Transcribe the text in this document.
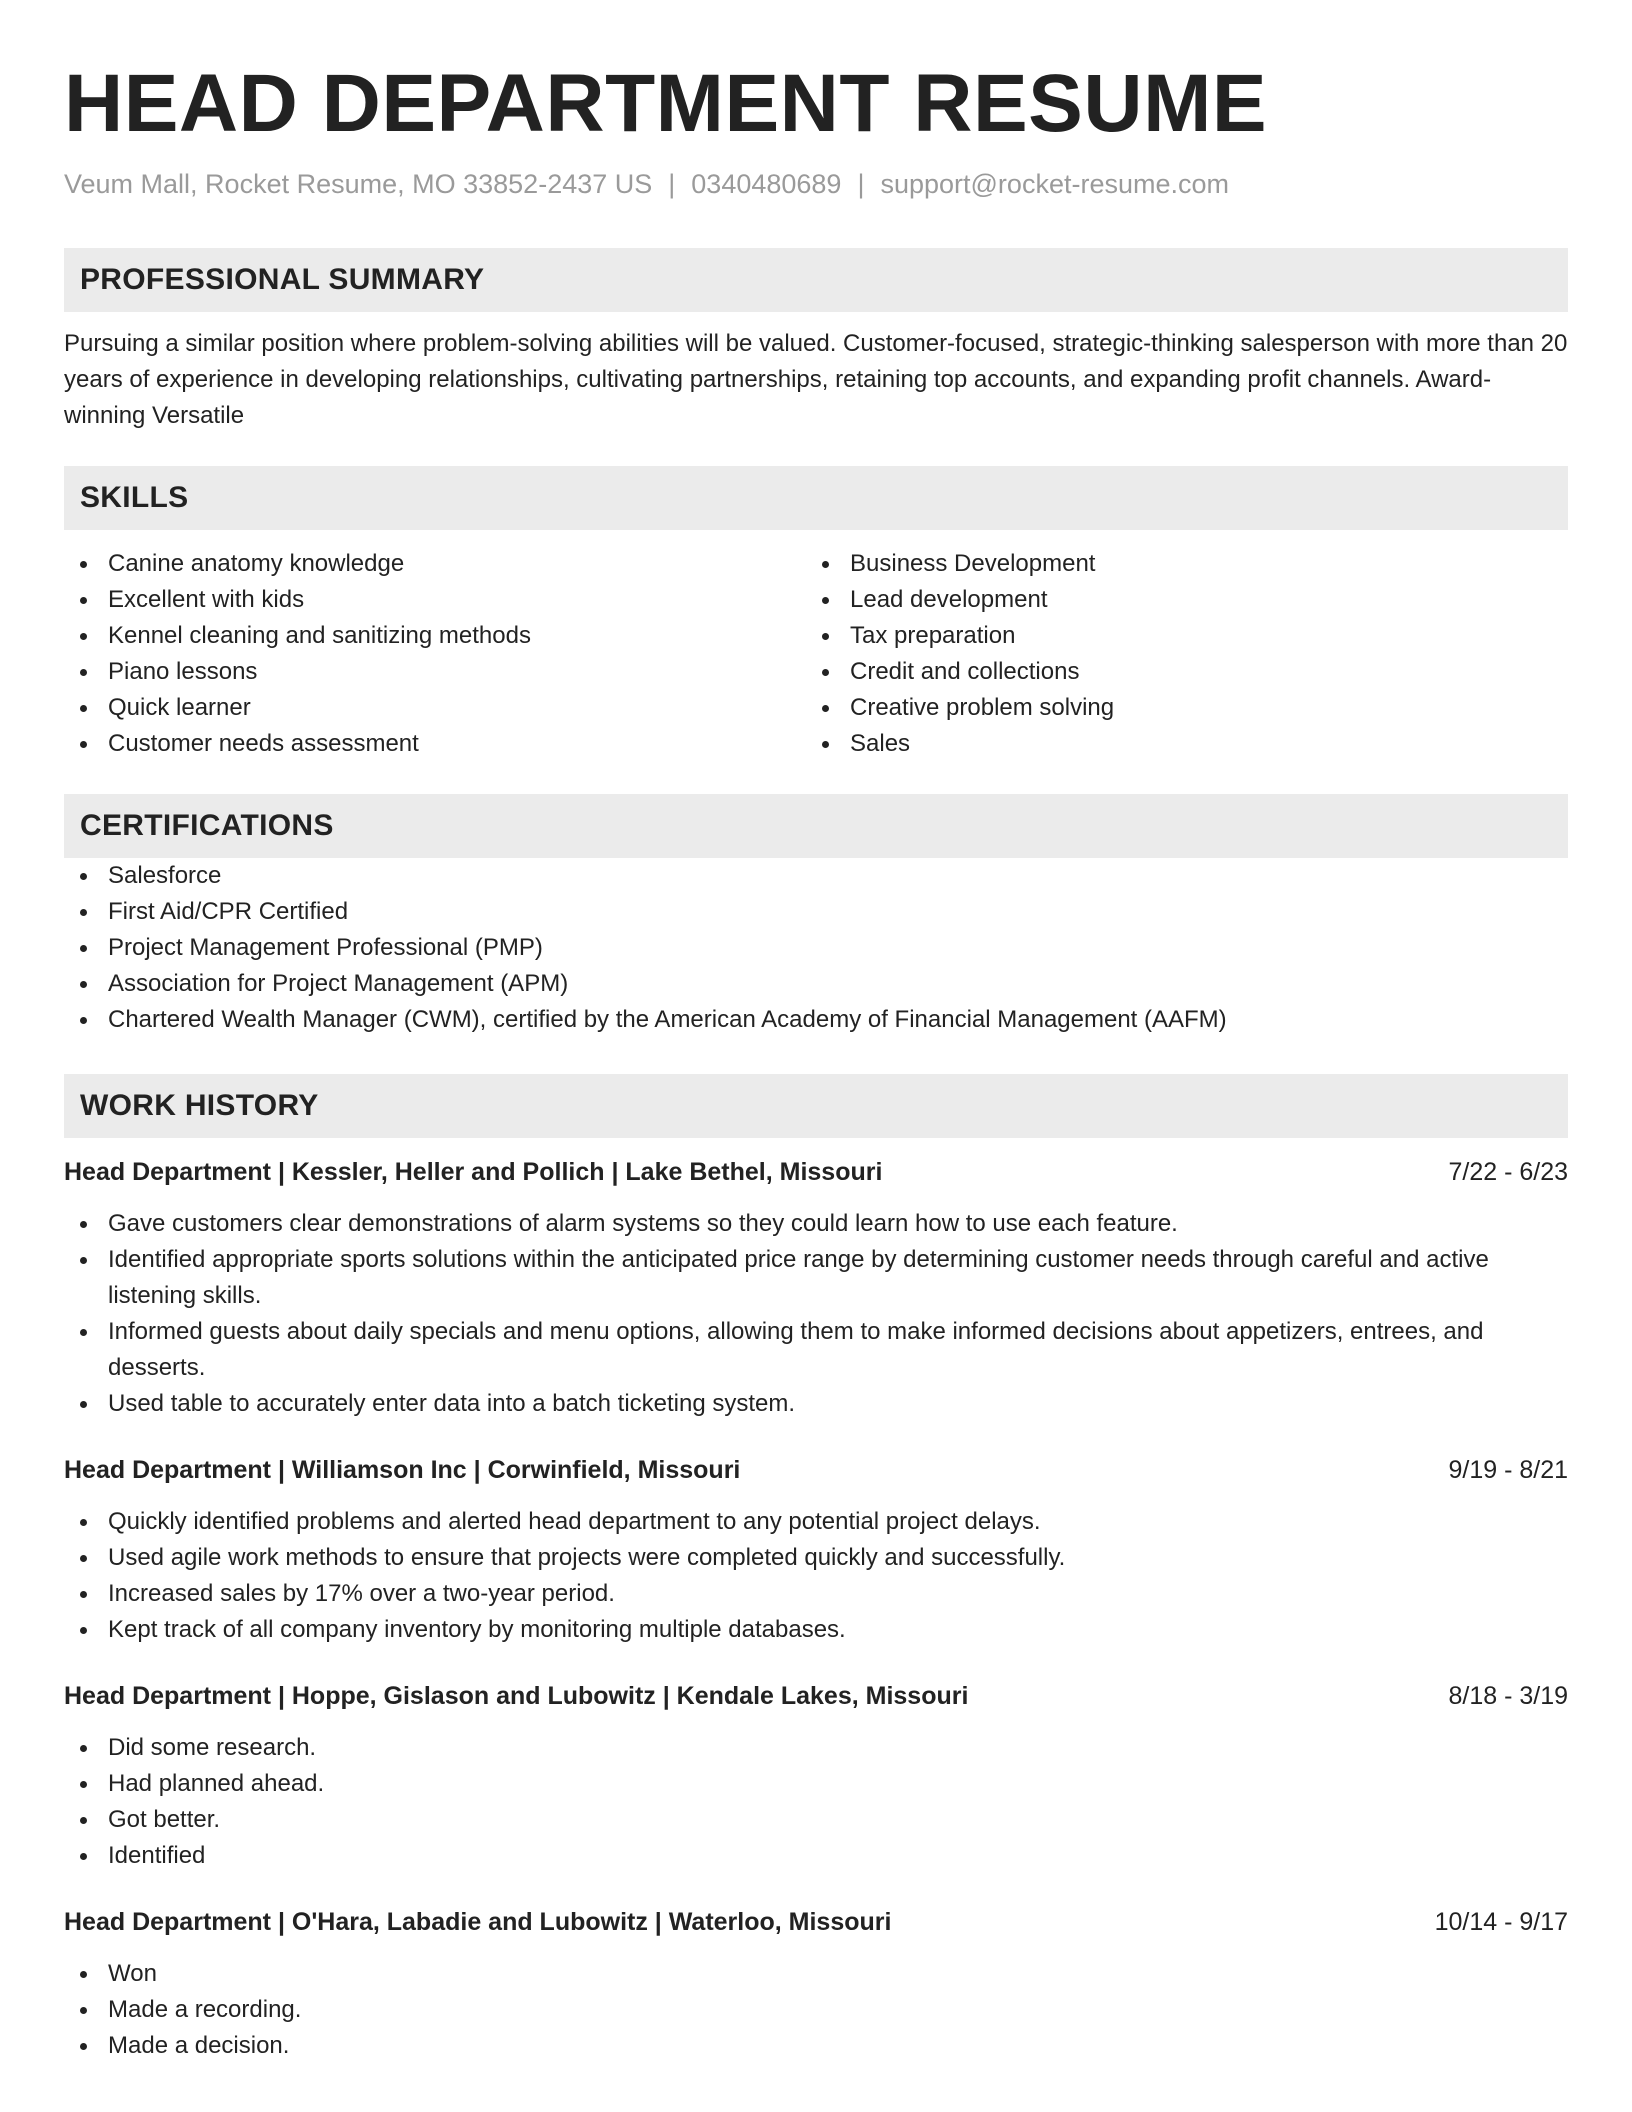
HEAD DEPARTMENT RESUME
Veum Mall, Rocket Resume, MO 33852-2437 US | 0340480689 | support@rocket-resume.com
PROFESSIONAL SUMMARY
Pursuing a similar position where problem-solving abilities will be valued. Customer-focused, strategic-thinking salesperson with more than 20 years of experience in developing relationships, cultivating partnerships, retaining top accounts, and expanding profit channels. Award-winning Versatile
SKILLS
Canine anatomy knowledge
Excellent with kids
Kennel cleaning and sanitizing methods
Piano lessons
Quick learner
Customer needs assessment
Business Development
Lead development
Tax preparation
Credit and collections
Creative problem solving
Sales
CERTIFICATIONS
Salesforce
First Aid/CPR Certified
Project Management Professional (PMP)
Association for Project Management (APM)
Chartered Wealth Manager (CWM), certified by the American Academy of Financial Management (AAFM)
WORK HISTORY
Head Department | Kessler, Heller and Pollich | Lake Bethel, Missouri	7/22 - 6/23
Gave customers clear demonstrations of alarm systems so they could learn how to use each feature.
Identified appropriate sports solutions within the anticipated price range by determining customer needs through careful and active listening skills.
Informed guests about daily specials and menu options, allowing them to make informed decisions about appetizers, entrees, and desserts.
Used table to accurately enter data into a batch ticketing system.
Head Department | Williamson Inc | Corwinfield, Missouri	9/19 - 8/21
Quickly identified problems and alerted head department to any potential project delays.
Used agile work methods to ensure that projects were completed quickly and successfully.
Increased sales by 17% over a two-year period.
Kept track of all company inventory by monitoring multiple databases.
Head Department | Hoppe, Gislason and Lubowitz | Kendale Lakes, Missouri	8/18 - 3/19
Did some research.
Had planned ahead.
Got better.
Identified
Head Department | O'Hara, Labadie and Lubowitz | Waterloo, Missouri	10/14 - 9/17
Won
Made a recording.
Made a decision.
